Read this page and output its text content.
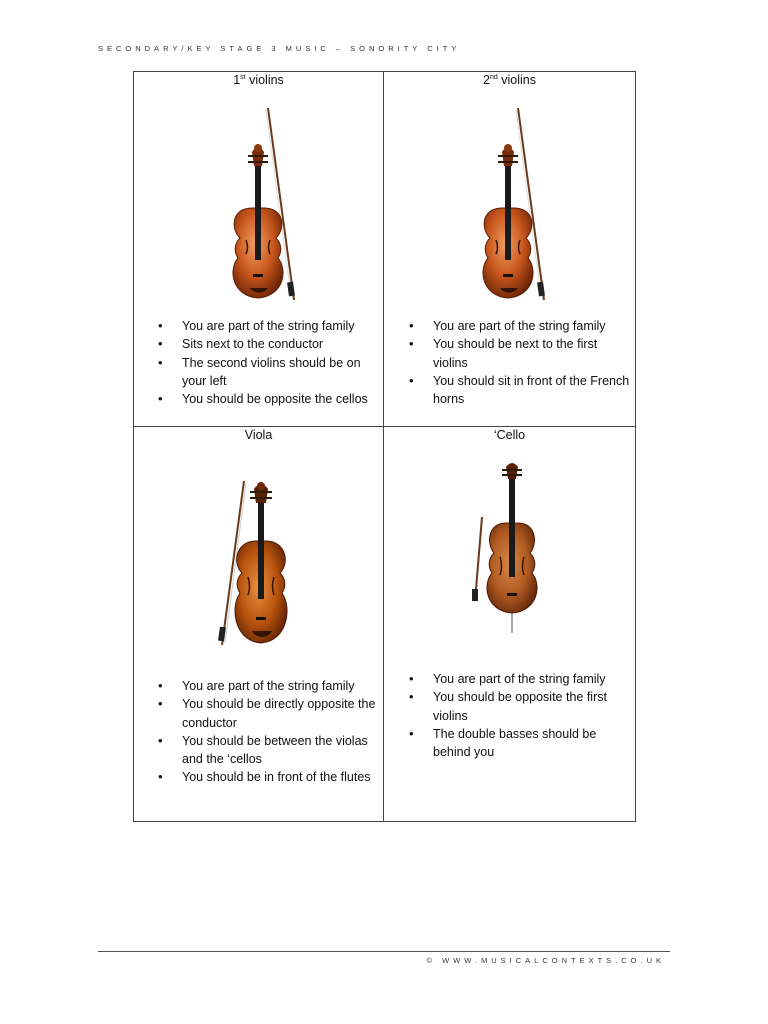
SECONDARY/KEY STAGE 3 MUSIC – SONORITY CITY
1st violins
• You are part of the string family
• Sits next to the conductor
• The second violins should be on your left
• You should be opposite the cellos
2nd violins
• You are part of the string family
• You should be next to the first violins
• You should sit in front of the French horns
Viola
• You are part of the string family
• You should be directly opposite the conductor
• You should be between the violas and the ‘cellos
• You should be in front of the flutes
‘Cello
• You are part of the string family
• You should be opposite the first violins
• The double basses should be behind you
© WWW.MUSICALCONTEXTS.CO.UK
